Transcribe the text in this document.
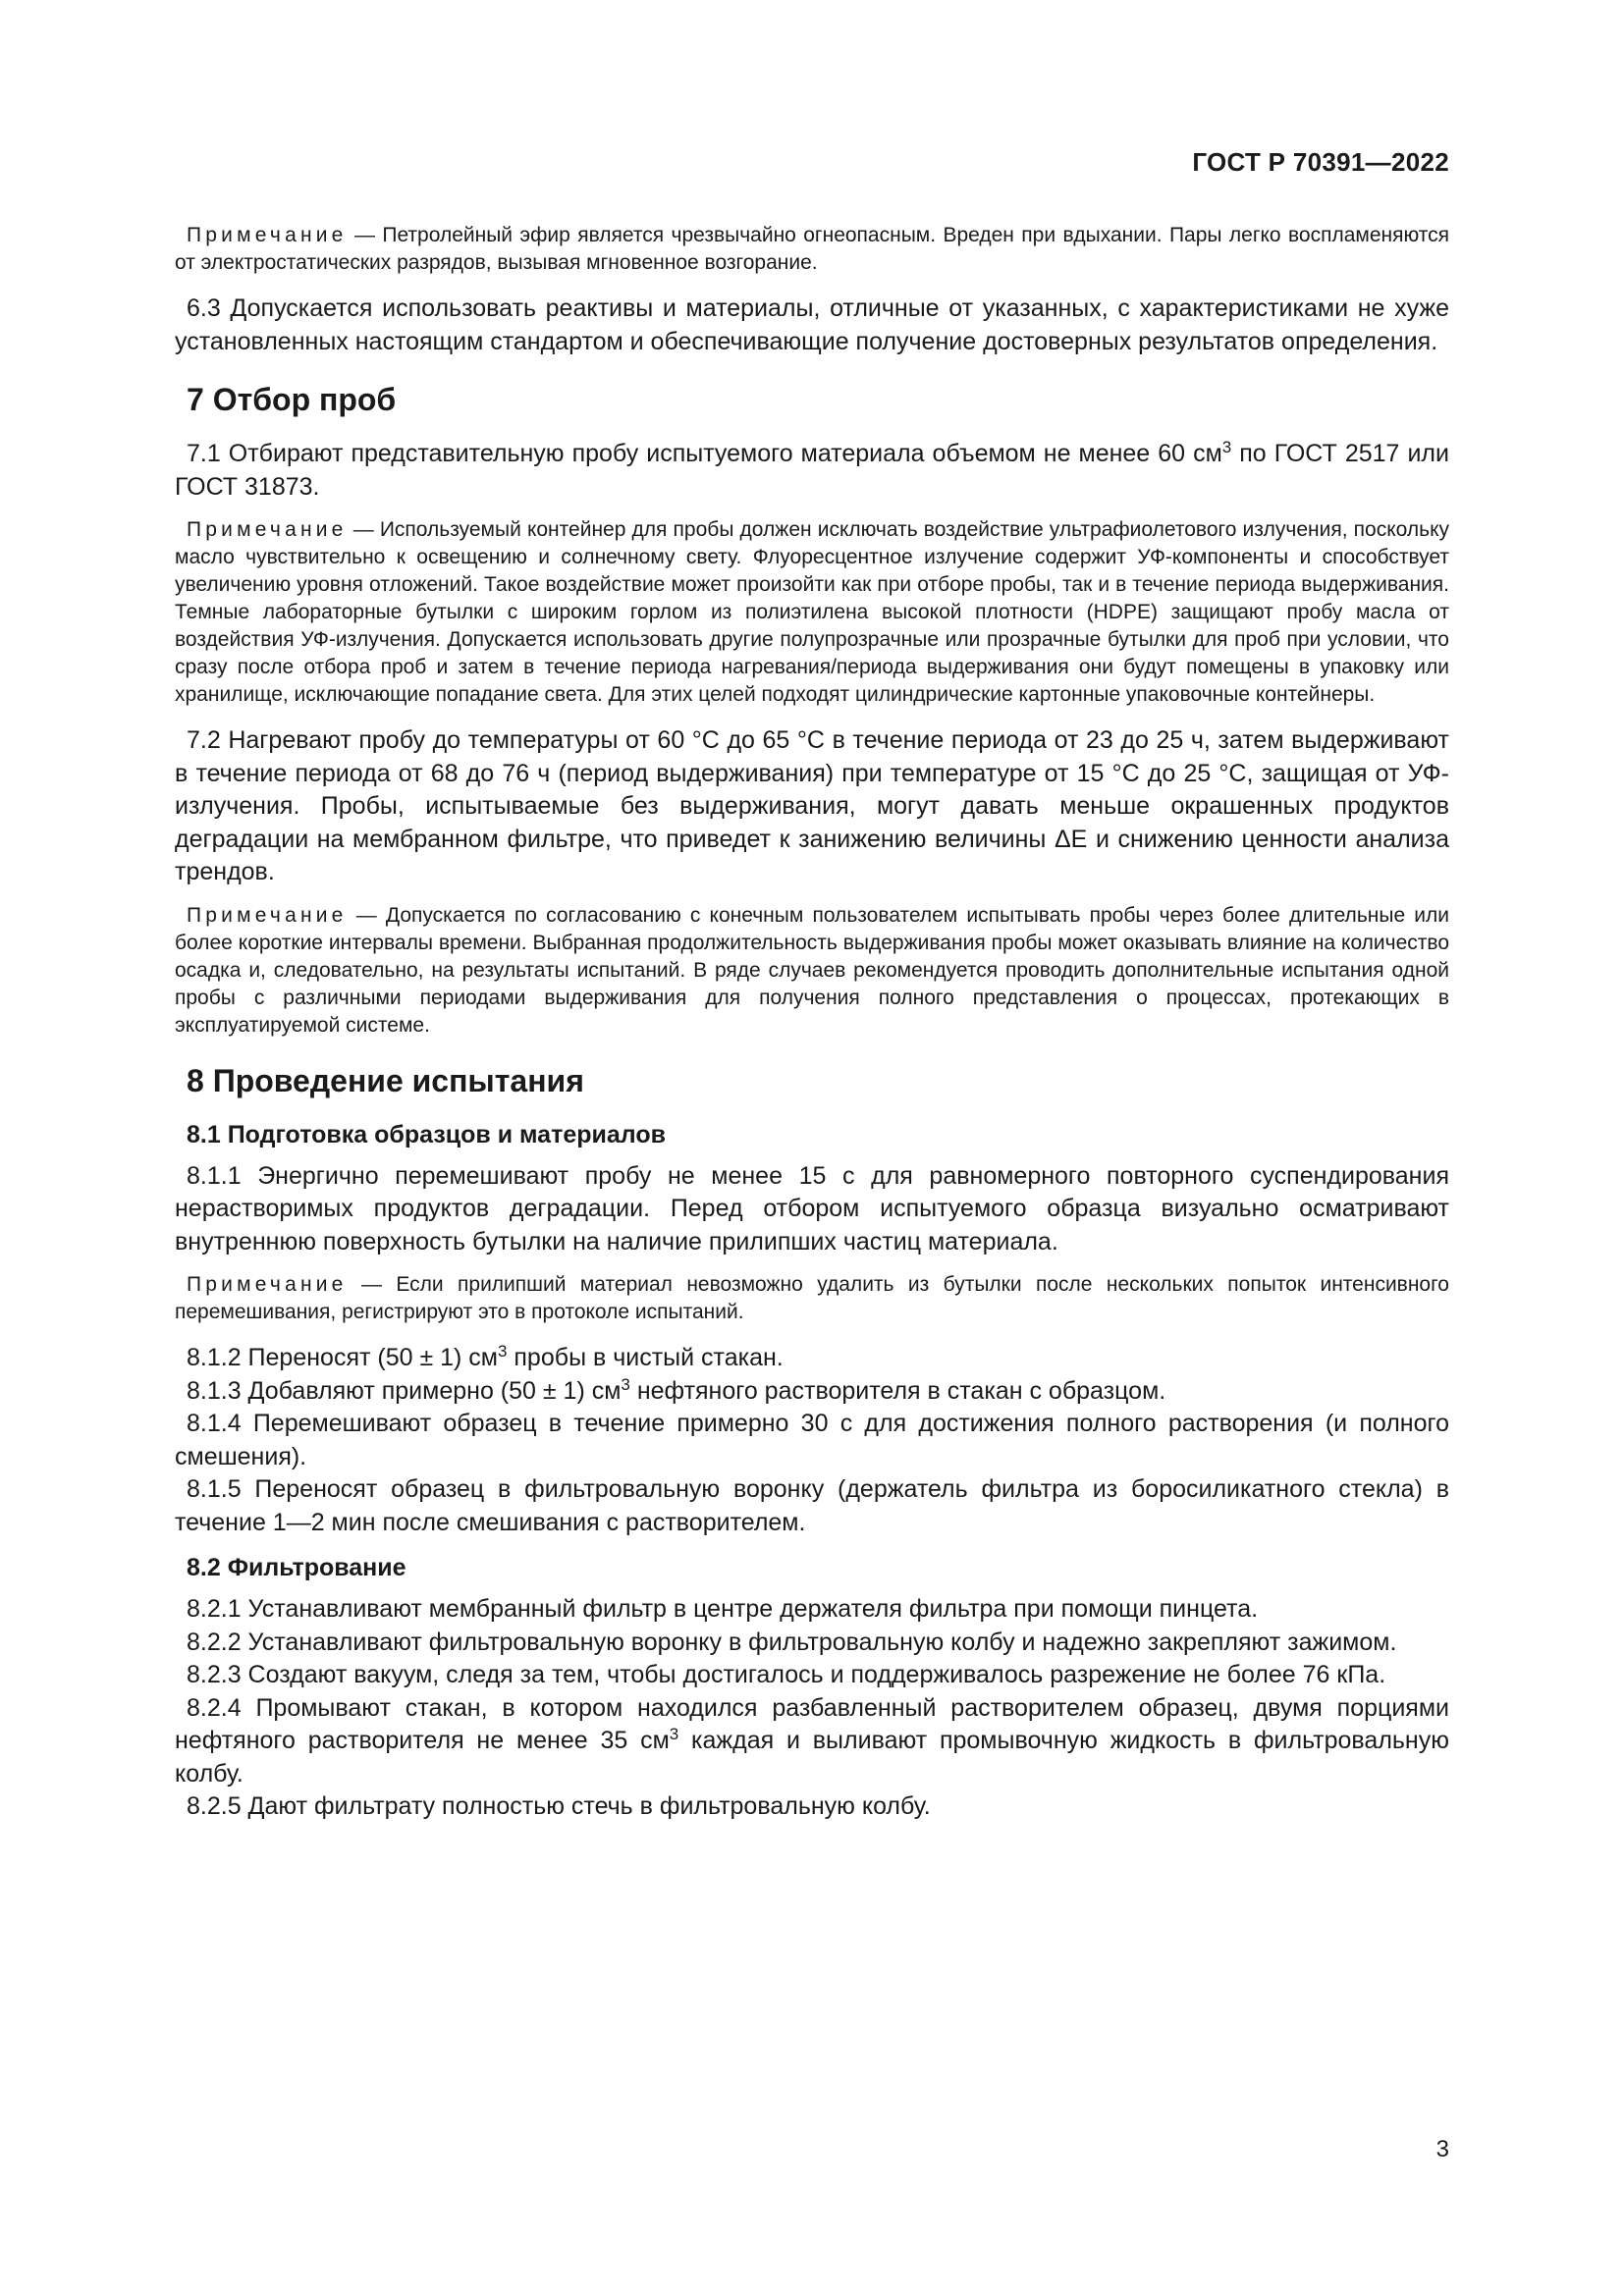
ГОСТ Р 70391—2022
Примечание — Петролейный эфир является чрезвычайно огнеопасным. Вреден при вдыхании. Пары легко воспламеняются от электростатических разрядов, вызывая мгновенное возгорание.

6.3 Допускается использовать реактивы и материалы, отличные от указанных, с характеристиками не хуже установленных настоящим стандартом и обеспечивающие получение достоверных результатов определения.

7 Отбор проб

7.1 Отбирают представительную пробу испытуемого материала объемом не менее 60 $см^3$ по ГОСТ 2517 или ГОСТ 31873.

Примечание — Используемый контейнер для пробы должен исключать воздействие ультрафиолетового излучения, поскольку масло чувствительно к освещению и солнечному свету. Флуоресцентное излучение содержит УФ-компоненты и способствует увеличению уровня отложений. Такое воздействие может произойти как при отборе пробы, так и в течение периода выдерживания. Темные лабораторные бутылки с широким горлом из полиэтилена высокой плотности (HDPE) защищают пробу масла от воздействия УФ-излучения. Допускается использовать другие полупрозрачные или прозрачные бутылки для проб при условии, что сразу после отбора проб и затем в течение периода нагревания/периода выдерживания они будут помещены в упаковку или хранилище, исключающие попадание света. Для этих целей подходят цилиндрические картонные упаковочные контейнеры.

7.2 Нагревают пробу до температуры от 60 °С до 65 °С в течение периода от 23 до 25 ч, затем выдерживают в течение периода от 68 до 76 ч (период выдерживания) при температуре от 15 °С до 25 °С, защищая от УФ-излучения. Пробы, испытываемые без выдерживания, могут давать меньше окрашенных продуктов деградации на мембранном фильтре, что приведет к занижению величины ΔE и снижению ценности анализа трендов.

Примечание — Допускается по согласованию с конечным пользователем испытывать пробы через более длительные или более короткие интервалы времени. Выбранная продолжительность выдерживания пробы может оказывать влияние на количество осадка и, следовательно, на результаты испытаний. В ряде случаев рекомендуется проводить дополнительные испытания одной пробы с различными периодами выдерживания для получения полного представления о процессах, протекающих в эксплуатируемой системе.
8 Проведение испытания
8.1 Подготовка образцов и материалов

8.1.1 Энергично перемешивают пробу не менее 15 с для равномерного повторного суспендирования нерастворимых продуктов деградации. Перед отбором испытуемого образца визуально осматривают внутреннюю поверхность бутылки на наличие прилипших частиц материала.

Примечание — Если прилипший материал невозможно удалить из бутылки после нескольких попыток интенсивного перемешивания, регистрируют это в протоколе испытаний.

8.1.2 Переносят (50 ± 1) $см^3$ пробы в чистый стакан.

8.1.3 Добавляют примерно (50 ± 1) $см^3$ нефтяного растворителя в стакан с образцом.

8.1.4 Перемешивают образец в течение примерно 30 с для достижения полного растворения (и полного смешения).

8.1.5 Переносят образец в фильтровальную воронку (держатель фильтра из боросиликатного стекла) в течение 1—2 мин после смешивания с растворителем.

8.2 Фильтрование

8.2.1 Устанавливают мембранный фильтр в центре держателя фильтра при помощи пинцета.

8.2.2 Устанавливают фильтровальную воронку в фильтровальную колбу и надежно закрепляют зажимом.

8.2.3 Создают вакуум, следя за тем, чтобы достигалось и поддерживалось разрежение не более 76 кПа.

8.2.4 Промывают стакан, в котором находился разбавленный растворителем образец, двумя порциями нефтяного растворителя не менее 35 $см^3$ каждая и выливают промывочную жидкость в фильтровальную колбу.

8.2.5 Дают фильтрату полностью стечь в фильтровальную колбу.

3
